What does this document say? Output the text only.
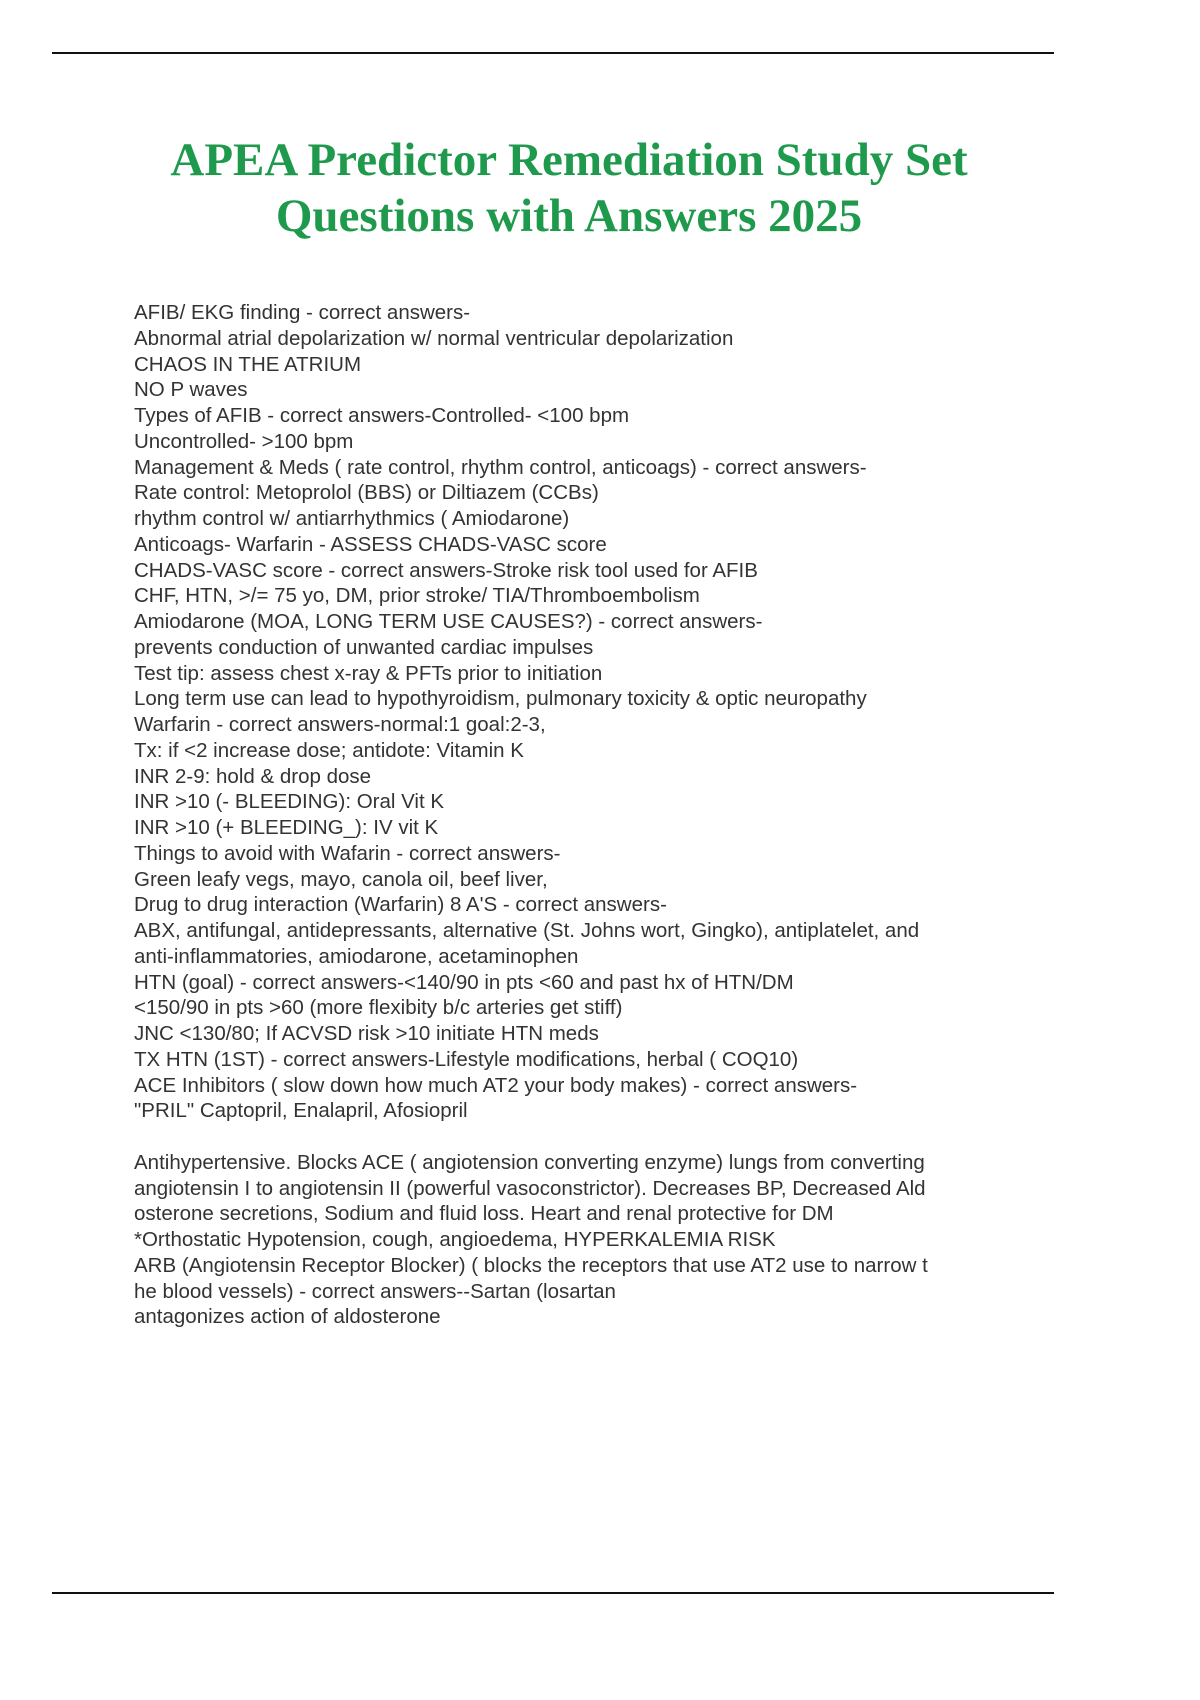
APEA Predictor Remediation Study Set
Questions with Answers 2025
AFIB/ EKG finding - correct answers-
Abnormal atrial depolarization w/ normal ventricular depolarization
CHAOS IN THE ATRIUM
NO P waves
Types of AFIB - correct answers-Controlled- <100 bpm
Uncontrolled- >100 bpm
Management & Meds ( rate control, rhythm control, anticoags) - correct answers-
Rate control: Metoprolol (BBS) or Diltiazem (CCBs)
rhythm control w/ antiarrhythmics ( Amiodarone)
Anticoags- Warfarin - ASSESS CHADS-VASC score
CHADS-VASC score - correct answers-Stroke risk tool used for AFIB
CHF, HTN, >/= 75 yo, DM, prior stroke/ TIA/Thromboembolism
Amiodarone (MOA, LONG TERM USE CAUSES?) - correct answers-
prevents conduction of unwanted cardiac impulses
Test tip: assess chest x-ray & PFTs prior to initiation
Long term use can lead to hypothyroidism, pulmonary toxicity & optic neuropathy
Warfarin - correct answers-normal:1 goal:2-3,
Tx: if <2 increase dose; antidote: Vitamin K
INR 2-9: hold & drop dose
INR >10 (- BLEEDING): Oral Vit K
INR >10 (+ BLEEDING_): IV vit K
Things to avoid with Wafarin - correct answers-
Green leafy vegs, mayo, canola oil, beef liver,
Drug to drug interaction (Warfarin) 8 A'S - correct answers-
ABX, antifungal, antidepressants, alternative (St. Johns wort, Gingko), antiplatelet, and
anti-inflammatories, amiodarone, acetaminophen
HTN (goal) - correct answers-<140/90 in pts <60 and past hx of HTN/DM
<150/90 in pts >60 (more flexibity b/c arteries get stiff)
JNC <130/80; If ACVSD risk >10 initiate HTN meds
TX HTN (1ST) - correct answers-Lifestyle modifications, herbal ( COQ10)
ACE Inhibitors ( slow down how much AT2 your body makes) - correct answers-
"PRIL" Captopril, Enalapril, Afosiopril
Antihypertensive. Blocks ACE ( angiotension converting enzyme) lungs from converting
angiotensin I to angiotensin II (powerful vasoconstrictor). Decreases BP, Decreased Ald
osterone secretions, Sodium and fluid loss. Heart and renal protective for DM
*Orthostatic Hypotension, cough, angioedema, HYPERKALEMIA RISK
ARB (Angiotensin Receptor Blocker) ( blocks the receptors that use AT2 use to narrow t
he blood vessels) - correct answers--Sartan (losartan
antagonizes action of aldosterone
